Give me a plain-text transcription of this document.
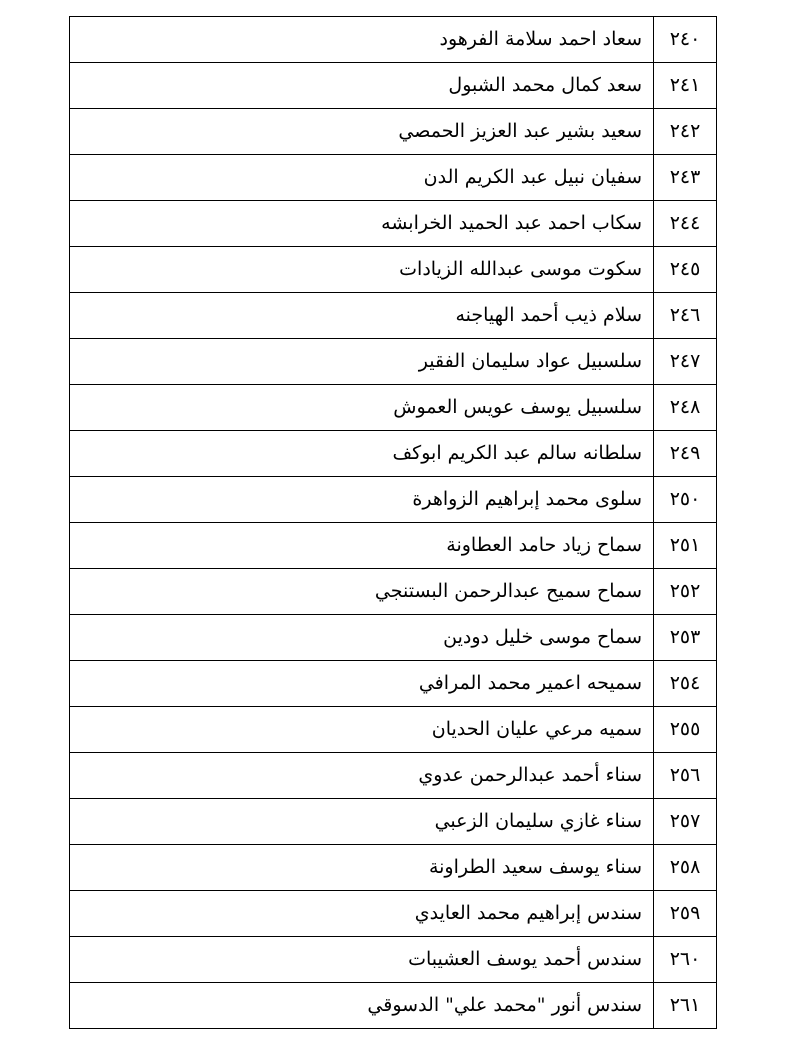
٢٤٠	سعاد احمد سلامة الفرهود
٢٤١	سعد كمال محمد الشبول
٢٤٢	سعيد بشير عبد العزيز الحمصي
٢٤٣	سفيان نبيل عبد الكريم الدن
٢٤٤	سكاب احمد عبد الحميد الخرابشه
٢٤٥	سكوت موسى عبدالله الزيادات
٢٤٦	سلام ذيب أحمد الهياجنه
٢٤٧	سلسبيل عواد سليمان الفقير
٢٤٨	سلسبيل يوسف عويس العموش
٢٤٩	سلطانه سالم عبد الكريم ابوكف
٢٥٠	سلوى محمد إبراهيم الزواهرة
٢٥١	سماح زياد حامد العطاونة
٢٥٢	سماح سميح عبدالرحمن البستنجي
٢٥٣	سماح موسى خليل دودين
٢٥٤	سميحه اعمير محمد المرافي
٢٥٥	سميه مرعي عليان الحديان
٢٥٦	سناء أحمد عبدالرحمن عدوي
٢٥٧	سناء غازي سليمان الزعبي
٢٥٨	سناء يوسف سعيد الطراونة
٢٥٩	سندس إبراهيم محمد العايدي
٢٦٠	سندس أحمد يوسف العشيبات
٢٦١	سندس أنور "محمد علي" الدسوقي
